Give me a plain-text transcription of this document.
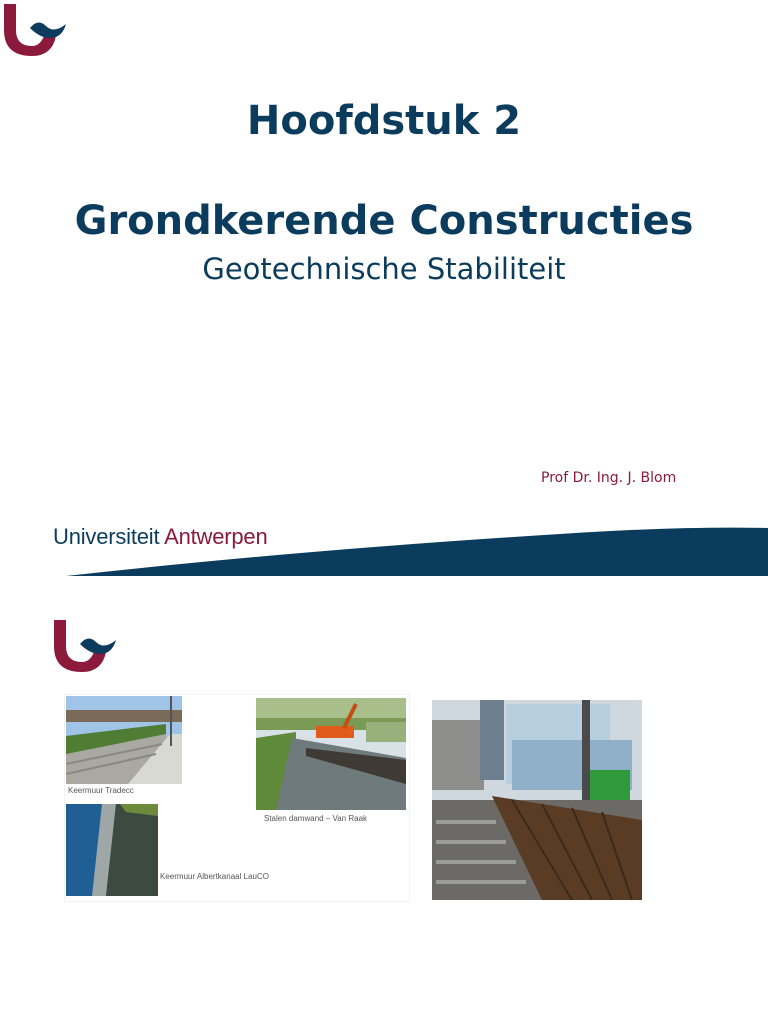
Hoofdstuk 2
Grondkerende Constructies
Geotechnische Stabiliteit
Prof Dr. Ing. J. Blom
Universiteit Antwerpen
Keermuur Tradecc
Stalen damwand – Van Raak
Keermuur Albertkanaal LauCO
